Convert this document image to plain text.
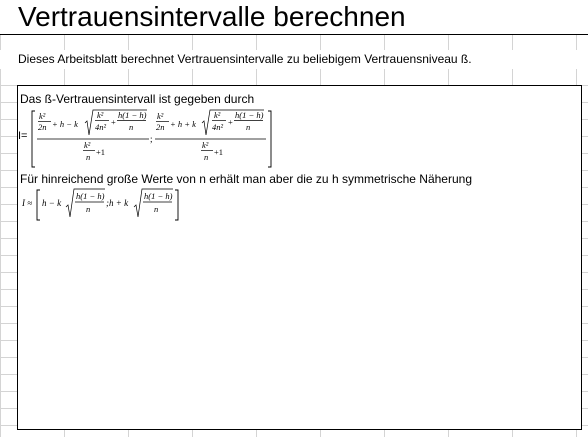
Vertrauensintervalle berechnen
Dieses Arbeitsblatt berechnet Vertrauensintervalle zu beliebigem Vertrauensniveau ß.
Das ß-Vertrauensintervall ist gegeben durch
I=
k²
2n + h − k
k²
4n² +
h(1 − h)
n
k²
n +1
;
k²
2n + h + k
k²
4n² +
h(1 − h)
n
k²
n +1
Für hinreichend große Werte von n erhält man aber die zu h symmetrische Näherung
I ≈ h − k
h(1 − h)
n
;h + k
h(1 − h)
n
